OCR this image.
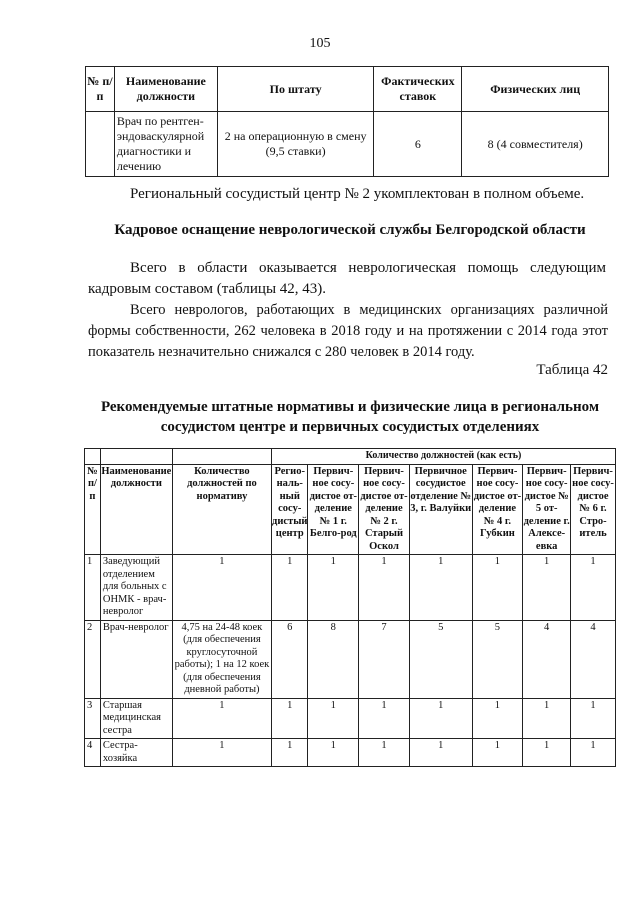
105
№ п/п	Наименование должности	По штату	Фактических ставок	Физических лиц
	Врач по рентген-эндоваскулярной диагностики и лечению	2 на операционную в смену (9,5 ставки)	6	8 (4 совместителя)
Региональный сосудистый центр № 2 укомплектован в полном объеме.
Кадровое оснащение неврологической службы Белгородской области
Всего в области оказывается неврологическая помощь следующим кадровым составом (таблицы 42, 43).
Всего неврологов, работающих в медицинских организациях различной формы собственности, 262 человека в 2018 году и на протяжении с 2014 года этот показатель незначительно снижался с 280 человек в 2014 году.
Таблица 42
Рекомендуемые штатные нормативы и физические лица в региональном сосудистом центре и первичных сосудистых отделениях
			Количество должностей (как есть)						
№ п/п	Наименование должности	Количество должностей по нормативу	Регио-наль-ный сосу-дистый центр	Первич-ное сосу-дистое от-деление № 1 г. Белго-род	Первич-ное сосу-дистое от-деление № 2 г. Старый Оскол	Первичное сосудистое отделение № 3, г. Валуйки	Первич-ное сосу-дистое от-деление № 4 г. Губкин	Первич-ное сосу-дистое № 5 от-деление г. Алексе-евка	Первич-ное сосу-дистое № 6 г. Стро-итель
1	Заведующий отделением для больных с ОНМК - врач-невролог	1	1	1	1	1	1	1	1
2	Врач-невролог	4,75 на 24-48 коек (для обеспечения круглосуточной работы); 1 на 12 коек (для обеспечения дневной работы)	6	8	7	5	5	4	4
3	Старшая медицинская сестра	1	1	1	1	1	1	1	1
4	Сестра-хозяйка	1	1	1	1	1	1	1	1
